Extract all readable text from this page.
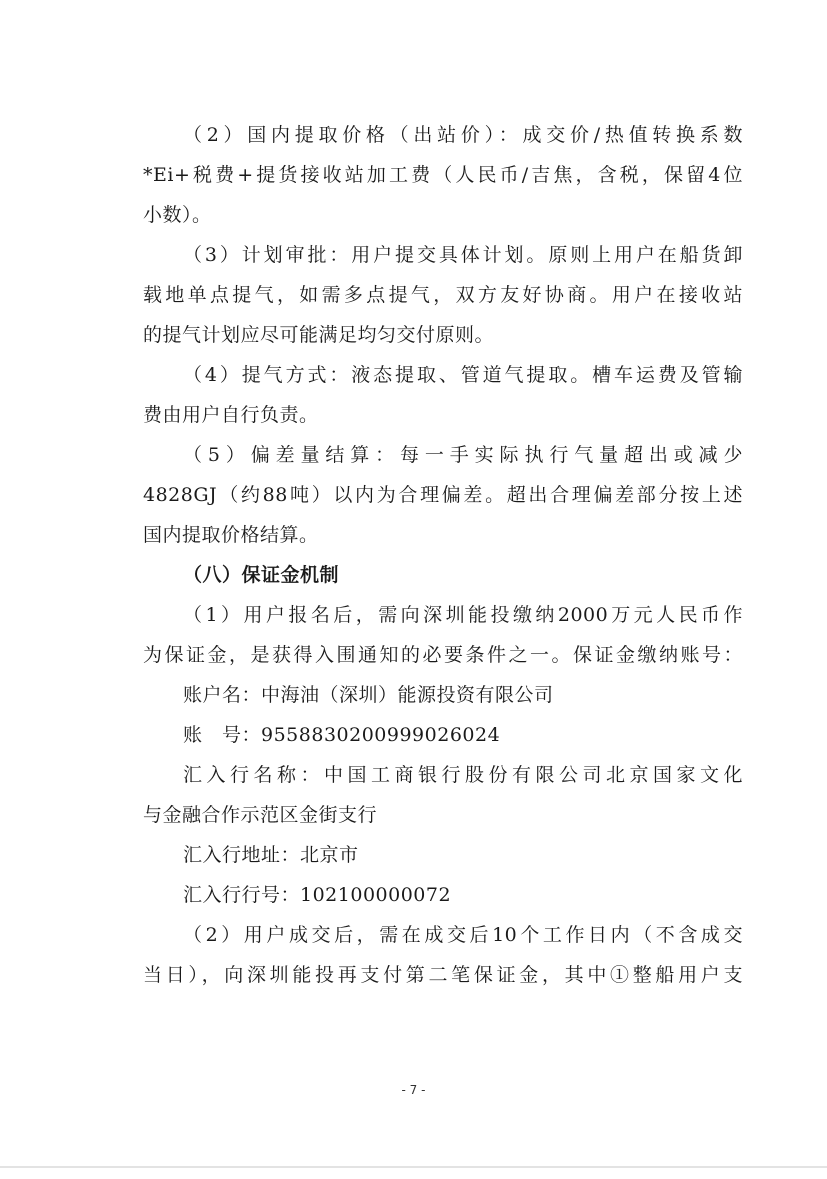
（2）国内提取价格（出站价）：成交价/热值转换系数
*Ei+税费+提货接收站加工费（人民币/吉焦，含税，保留4位
小数）。
（3）计划审批：用户提交具体计划。原则上用户在船货卸
载地单点提气，如需多点提气，双方友好协商。用户在接收站
的提气计划应尽可能满足均匀交付原则。
（4）提气方式：液态提取、管道气提取。槽车运费及管输
费由用户自行负责。
（5）偏差量结算：每一手实际执行气量超出或减少
4828GJ（约88吨）以内为合理偏差。超出合理偏差部分按上述
国内提取价格结算。
（八）保证金机制
（1）用户报名后，需向深圳能投缴纳2000万元人民币作
为保证金，是获得入围通知的必要条件之一。保证金缴纳账号：
账户名：中海油（深圳）能源投资有限公司
账　号：9558830200999026024
汇入行名称：中国工商银行股份有限公司北京国家文化
与金融合作示范区金街支行
汇入行地址：北京市
汇入行行号：102100000072
（2）用户成交后，需在成交后10个工作日内（不含成交
当日），向深圳能投再支付第二笔保证金，其中①整船用户支
- 7 -
